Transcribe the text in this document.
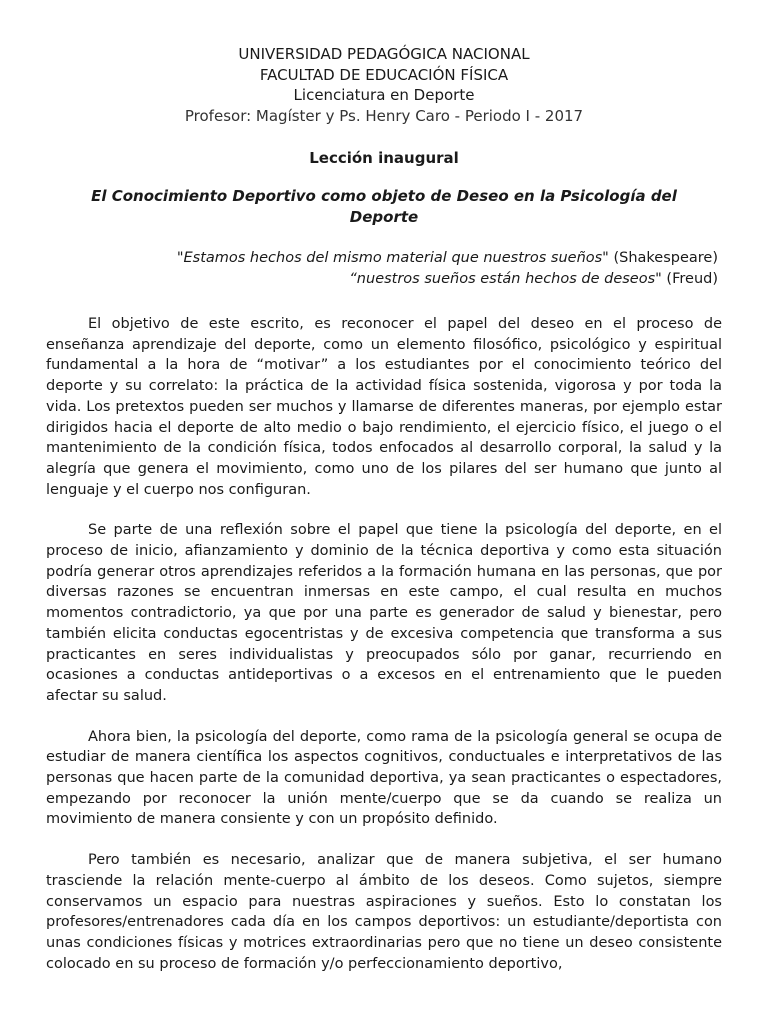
UNIVERSIDAD PEDAGÓGICA NACIONAL

FACULTAD DE EDUCACIÓN FÍSICA

Licenciatura en Deporte

Profesor: Magíster y Ps. Henry Caro - Periodo I - 2017

Lección inaugural
El Conocimiento Deportivo como objeto de Deseo en la Psicología del Deporte
"Estamos hechos del mismo material que nuestros sueños" (Shakespeare)
“nuestros sueños están hechos de deseos" (Freud)

El objetivo de este escrito, es reconocer el papel del deseo en el proceso de enseñanza aprendizaje del deporte, como un elemento filosófico, psicológico y espiritual fundamental a la hora de “motivar” a los estudiantes por el conocimiento teórico del deporte y su correlato: la práctica de la actividad física sostenida, vigorosa y por toda la vida. Los pretextos pueden ser muchos y llamarse de diferentes maneras, por ejemplo estar dirigidos hacia el deporte de alto medio o bajo rendimiento, el ejercicio físico, el juego o el mantenimiento de la condición física, todos enfocados al desarrollo corporal, la salud y la alegría que genera el movimiento, como uno de los pilares del ser humano que junto al lenguaje y el cuerpo nos configuran.

Se parte de una reflexión sobre el papel que tiene la psicología del deporte, en el proceso de inicio, afianzamiento y dominio de la técnica deportiva y como esta situación podría generar otros aprendizajes referidos a la formación humana en las personas, que por diversas razones se encuentran inmersas en este campo, el cual resulta en muchos momentos contradictorio, ya que por una parte es generador de salud y bienestar, pero también elicita conductas egocentristas y de excesiva competencia que transforma a sus practicantes en seres individualistas y preocupados sólo por ganar, recurriendo en ocasiones a conductas antideportivas o a excesos en el entrenamiento que le pueden afectar su salud.

Ahora bien, la psicología del deporte, como rama de la psicología general se ocupa de estudiar de manera científica los aspectos cognitivos, conductuales e interpretativos de las personas que hacen parte de la comunidad deportiva, ya sean practicantes o espectadores, empezando por reconocer la unión mente/cuerpo que se da cuando se realiza un movimiento de manera consiente y con un propósito definido.

Pero también es necesario, analizar que de manera subjetiva, el ser humano trasciende la relación mente-cuerpo al ámbito de los deseos. Como sujetos, siempre conservamos un espacio para nuestras aspiraciones y sueños. Esto lo constatan los profesores/entrenadores cada día en los campos deportivos: un estudiante/deportista con unas condiciones físicas y motrices extraordinarias pero que no tiene un deseo consistente colocado en su proceso de formación y/o perfeccionamiento deportivo,
